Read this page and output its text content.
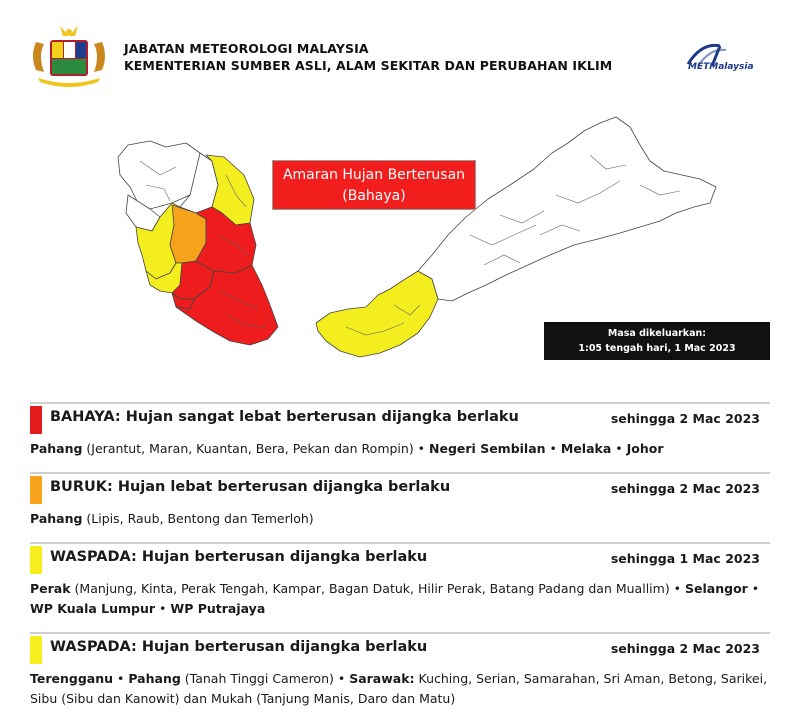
JABATAN METEOROLOGI MALAYSIA
KEMENTERIAN SUMBER ASLI, ALAM SEKITAR DAN PERUBAHAN IKLIM	METMalaysia
Amaran Hujan Berterusan
(Bahaya)
Masa dikeluarkan:
1:05 tengah hari, 1 Mac 2023
BAHAYA: Hujan sangat lebat berterusan dijangka berlaku	sehingga 2 Mac 2023
Pahang (Jerantut, Maran, Kuantan, Bera, Pekan dan Rompin) • Negeri Sembilan • Melaka • Johor
BURUK: Hujan lebat berterusan dijangka berlaku	sehingga 2 Mac 2023
Pahang (Lipis, Raub, Bentong dan Temerloh)
WASPADA: Hujan berterusan dijangka berlaku	sehingga 1 Mac 2023
Perak (Manjung, Kinta, Perak Tengah, Kampar, Bagan Datuk, Hilir Perak, Batang Padang dan Muallim) • Selangor •
WP Kuala Lumpur • WP Putrajaya
WASPADA: Hujan berterusan dijangka berlaku	sehingga 2 Mac 2023
Terengganu • Pahang (Tanah Tinggi Cameron) • Sarawak: Kuching, Serian, Samarahan, Sri Aman, Betong, Sarikei,
Sibu (Sibu dan Kanowit) dan Mukah (Tanjung Manis, Daro dan Matu)
